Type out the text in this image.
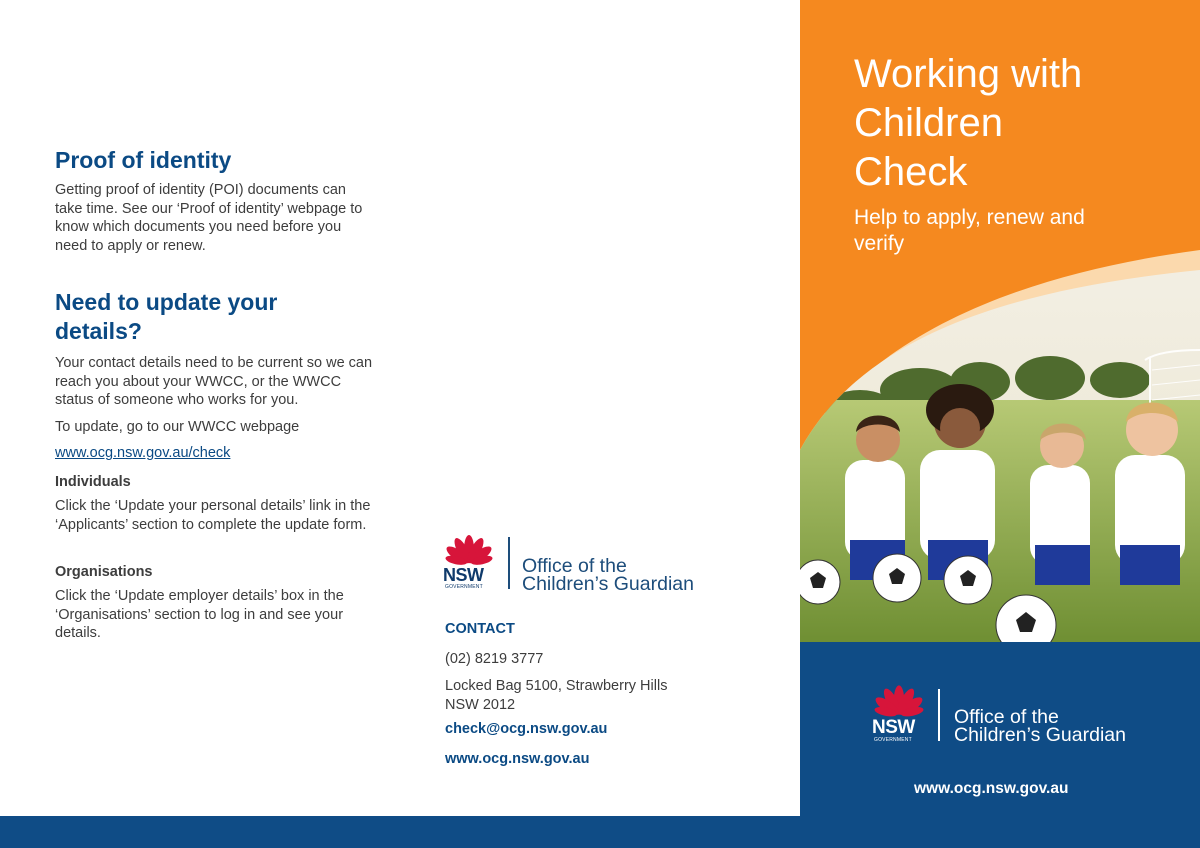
Proof of identity

Getting proof of identity (POI) documents can take time. See our ‘Proof of identity’ webpage to know which documents you need before you need to apply or renew.

Need to update your
details?

Your contact details need to be current so we can reach you about your WWCC, or the WWCC status of someone who works for you.

To update, go to our WWCC webpage

www.ocg.nsw.gov.au/check
Individuals

Click the ‘Update your personal details’ link in the ‘Applicants’ section to complete the update form.

Organisations

Click the ‘Update employer details’ box in the ‘Organisations’ section to log in and see your details.

NSW
GOVERNMENT
Office of the
Children’s Guardian
CONTACT
(02) 8219 3777
Locked Bag 5100, Strawberry Hills
NSW 2012
check@ocg.nsw.gov.au
www.ocg.nsw.gov.au
Working with
Children
Check
Help to apply, renew and
verify
NSW
GOVERNMENT
Office of the
Children’s Guardian
www.ocg.nsw.gov.au
